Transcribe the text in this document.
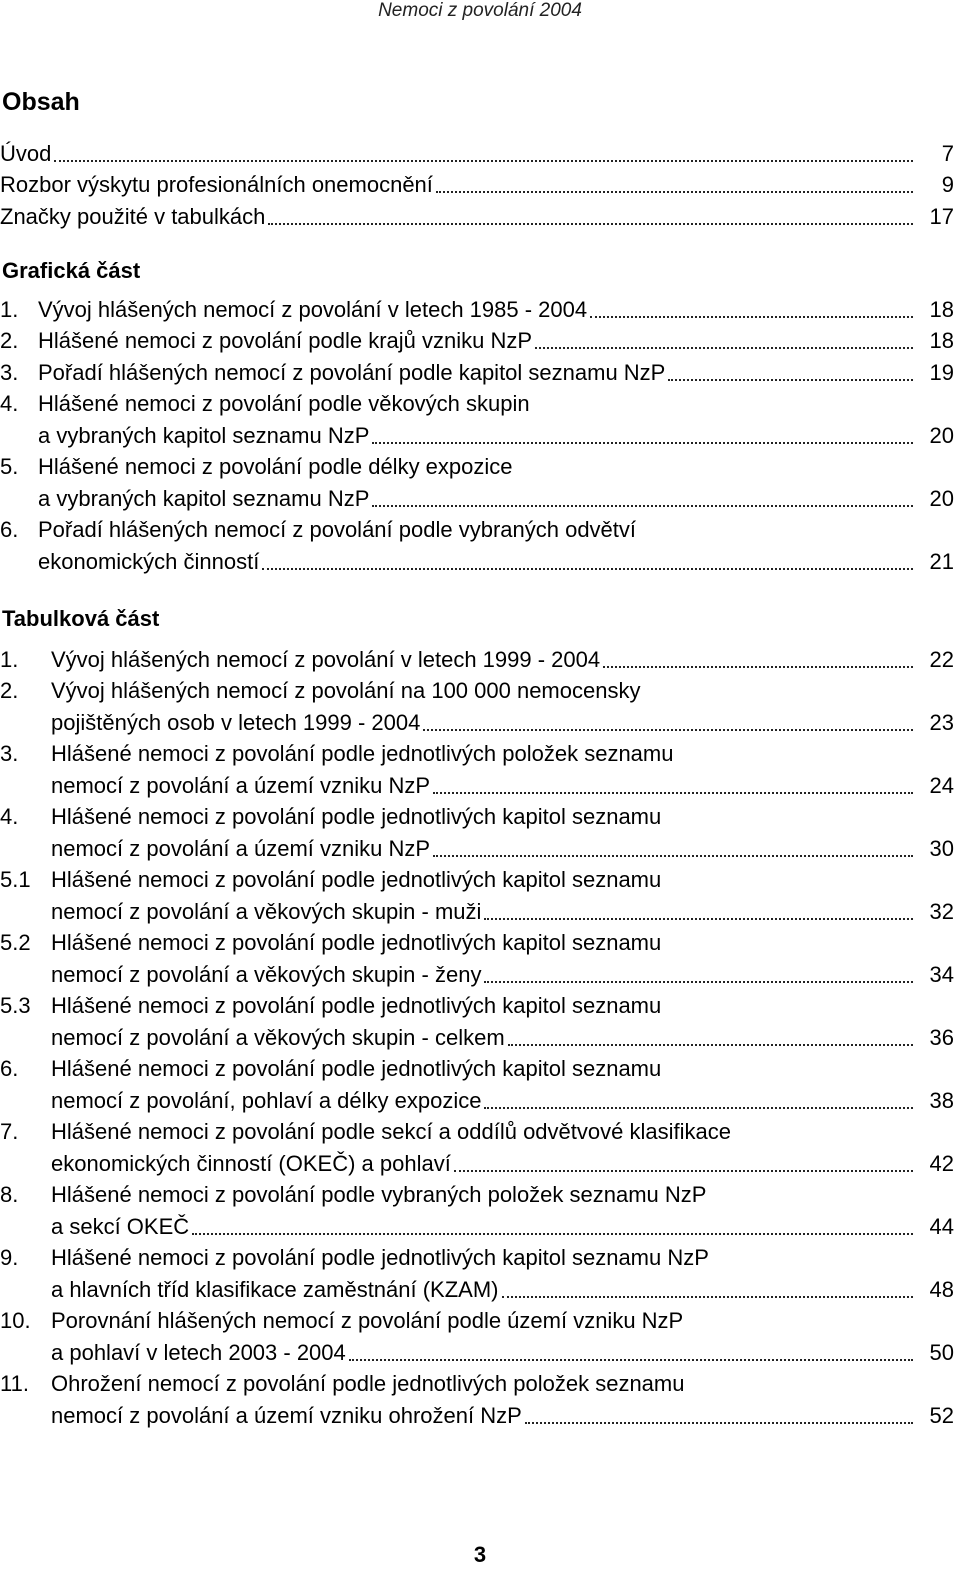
Nemoci z povolání 2004
Obsah
Úvod	7
Rozbor výskytu profesionálních onemocnění	9
Značky použité v tabulkách	17
Grafická část
1. Vývoj hlášených nemocí z povolání v letech 1985 - 2004	18
2. Hlášené nemoci z povolání podle krajů vzniku NzP	18
3. Pořadí hlášených nemocí z povolání podle kapitol seznamu NzP	19
4. Hlášené nemoci z povolání podle věkových skupin
a vybraných kapitol seznamu NzP	20
5. Hlášené nemoci z povolání podle délky expozice
a vybraných kapitol seznamu NzP	20
6. Pořadí hlášených nemocí z povolání podle vybraných odvětví
ekonomických činností	21
Tabulková část
1.	Vývoj hlášených nemocí z povolání v letech 1999 - 2004	22
2.	Vývoj hlášených nemocí z povolání na 100 000 nemocensky
pojištěných osob v letech 1999 - 2004	23
3.	Hlášené nemoci z povolání podle jednotlivých položek seznamu
nemocí z povolání a území vzniku NzP	24
4.	Hlášené nemoci z povolání podle jednotlivých kapitol seznamu
nemocí z povolání a území vzniku NzP	30
5.1 Hlášené nemoci z povolání podle jednotlivých kapitol seznamu
nemocí z povolání a věkových skupin - muži	32
5.2 Hlášené nemoci z povolání podle jednotlivých kapitol seznamu
nemocí z povolání a věkových skupin - ženy	34
5.3 Hlášené nemoci z povolání podle jednotlivých kapitol seznamu
nemocí z povolání a věkových skupin - celkem	36
6.	Hlášené nemoci z povolání podle jednotlivých kapitol seznamu
nemocí z povolání, pohlaví a délky expozice	38
7.	Hlášené nemoci z povolání podle sekcí a oddílů odvětvové klasifikace
ekonomických činností (OKEČ) a pohlaví	42
8.	Hlášené nemoci z povolání podle vybraných položek seznamu NzP
a sekcí OKEČ	44
9.	Hlášené nemoci z povolání podle jednotlivých kapitol seznamu NzP
a hlavních tříd klasifikace zaměstnání (KZAM)	48
10. Porovnání hlášených nemocí z povolání podle území vzniku NzP
a pohlaví v letech 2003 - 2004	50
11.	Ohrožení nemocí z povolání podle jednotlivých položek seznamu
nemocí z povolání a území vzniku ohrožení NzP	52
3
